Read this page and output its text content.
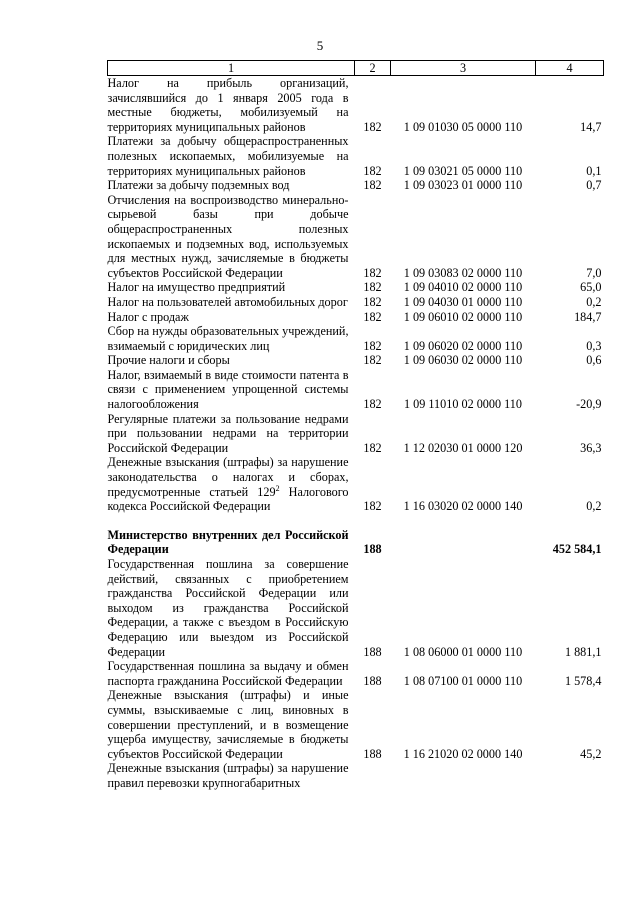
5
1	2	3	4
Налог на прибыль организаций, зачислявшийся до 1 января 2005 года в местные бюджеты, мобилизуемый на территориях муниципальных районов	182	1 09 01030 05 0000 110	14,7
Платежи за добычу общераспространенных полезных ископаемых, мобилизуемые на территориях муниципальных районов	182	1 09 03021 05 0000 110	0,1
Платежи за добычу подземных вод	182	1 09 03023 01 0000 110	0,7
Отчисления на воспроизводство минерально-сырьевой базы при добыче общераспространенных полезных ископаемых и подземных вод, используемых для местных нужд, зачисляемые в бюджеты субъектов Российской Федерации	182	1 09 03083 02 0000 110	7,0
Налог на имущество предприятий	182	1 09 04010 02 0000 110	65,0
Налог на пользователей автомобильных дорог	182	1 09 04030 01 0000 110	0,2
Налог с продаж	182	1 09 06010 02 0000 110	184,7
Сбор на нужды образовательных учреждений, взимаемый с юридических лиц	182	1 09 06020 02 0000 110	0,3
Прочие налоги и сборы	182	1 09 06030 02 0000 110	0,6
Налог, взимаемый в виде стоимости патента в связи с применением упрощенной системы налогообложения	182	1 09 11010 02 0000 110	-20,9
Регулярные платежи за пользование недрами при пользовании недрами на территории Российской Федерации	182	1 12 02030 01 0000 120	36,3
Денежные взыскания (штрафы) за нарушение законодательства о налогах и сборах, предусмотренные статьей $129^2$ Налогового кодекса Российской Федерации	182	1 16 03020 02 0000 140	0,2

Министерство внутренних дел Российской Федерации	188		452 584,1
Государственная пошлина за совершение действий, связанных с приобретением гражданства Российской Федерации или выходом из гражданства Российской Федерации, а также с въездом в Российскую Федерацию или выездом из Российской Федерации	188	1 08 06000 01 0000 110	1 881,1
Государственная пошлина за выдачу и обмен паспорта гражданина Российской Федерации	188	1 08 07100 01 0000 110	1 578,4
Денежные взыскания (штрафы) и иные суммы, взыскиваемые с лиц, виновных в совершении преступлений, и в возмещение ущерба имуществу, зачисляемые в бюджеты субъектов Российской Федерации	188	1 16 21020 02 0000 140	45,2
Денежные взыскания (штрафы) за нарушение правил перевозки крупногабаритных			
